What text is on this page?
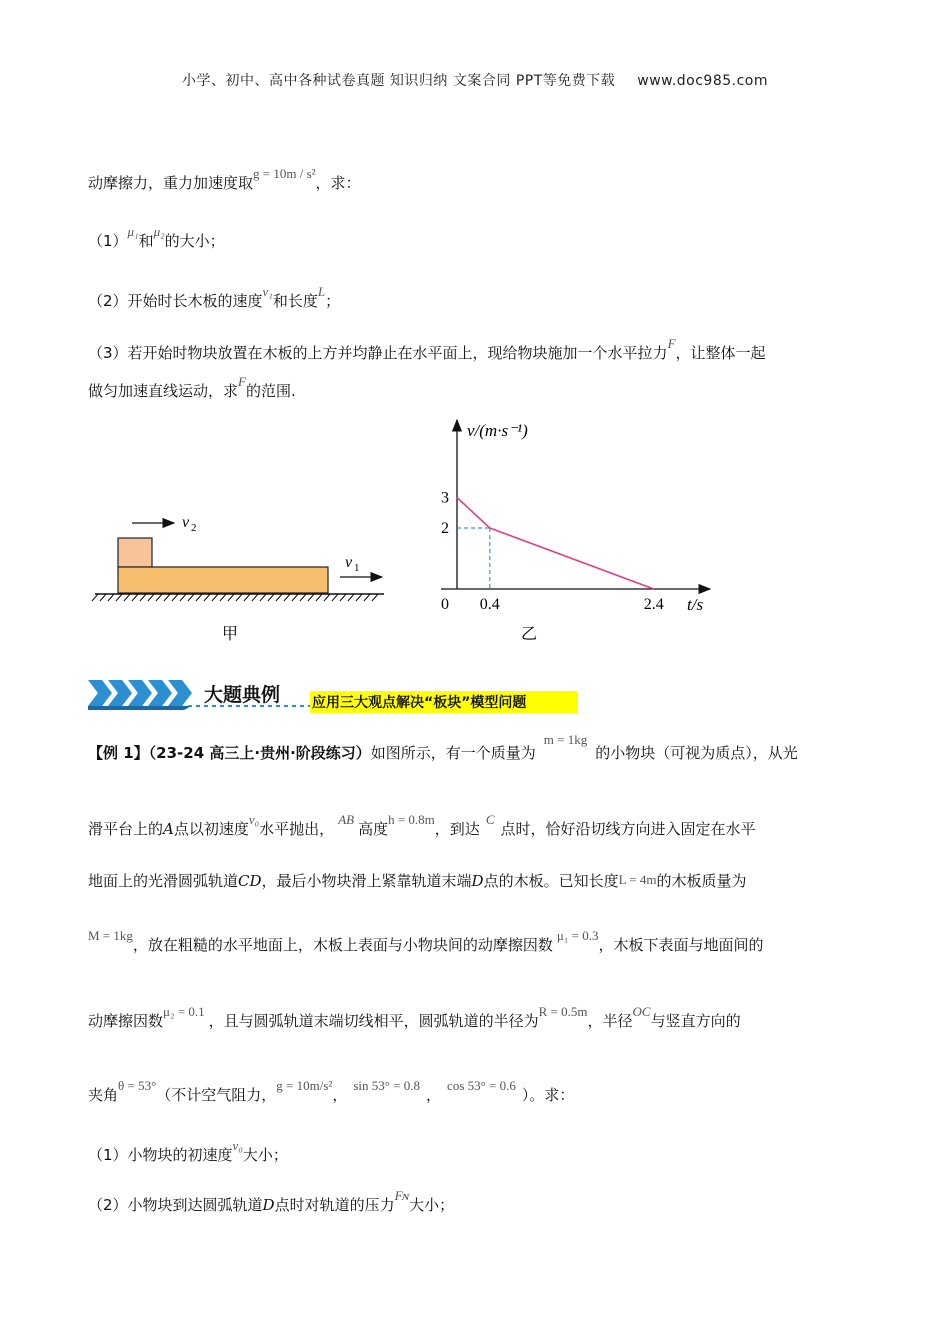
小学、初中、高中各种试卷真题 知识归纳 文案合同 PPT等免费下载 www.doc985.com
动摩擦力，重力加速度取g = 10m / s²，求：
（1）μ₁和μ₂的大小；
（2）开始时长木板的速度v₁和长度L；
（3）若开始时物块放置在木板的上方并均静止在水平面上，现给物块施加一个水平拉力F，让整体一起
做匀加速直线运动，求F的范围.
v 2
v 1
甲
v/(m·s⁻¹)
t/s
乙
0 0.4	2.4
2
3
大题典例 应用三大观点解决“板块”模型问题
【例 1】（23-24 高三上·贵州·阶段练习）如图所示，有一个质量为m = 1kg的小物块（可视为质点），从光
滑平台上的A点以初速度v₀水平抛出，AB高度h = 0.8m，到达C点时，恰好沿切线方向进入固定在水平
地面上的光滑圆弧轨道CD，最后小物块滑上紧靠轨道末端D点的木板。已知长度L = 4m的木板质量为
M = 1kg，放在粗糙的水平地面上，木板上表面与小物块间的动摩擦因数μ₁ = 0.3，木板下表面与地面间的
动摩擦因数μ₂ = 0.1，且与圆弧轨道末端切线相平，圆弧轨道的半径为R = 0.5m，半径OC与竖直方向的
夹角θ = 53°（不计空气阻力，g = 10m/s²，sin 53° = 0.8，cos 53° = 0.6）。求：
（1）小物块的初速度v₀大小；
（2）小物块到达圆弧轨道D点时对轨道的压力Fɴ大小；
